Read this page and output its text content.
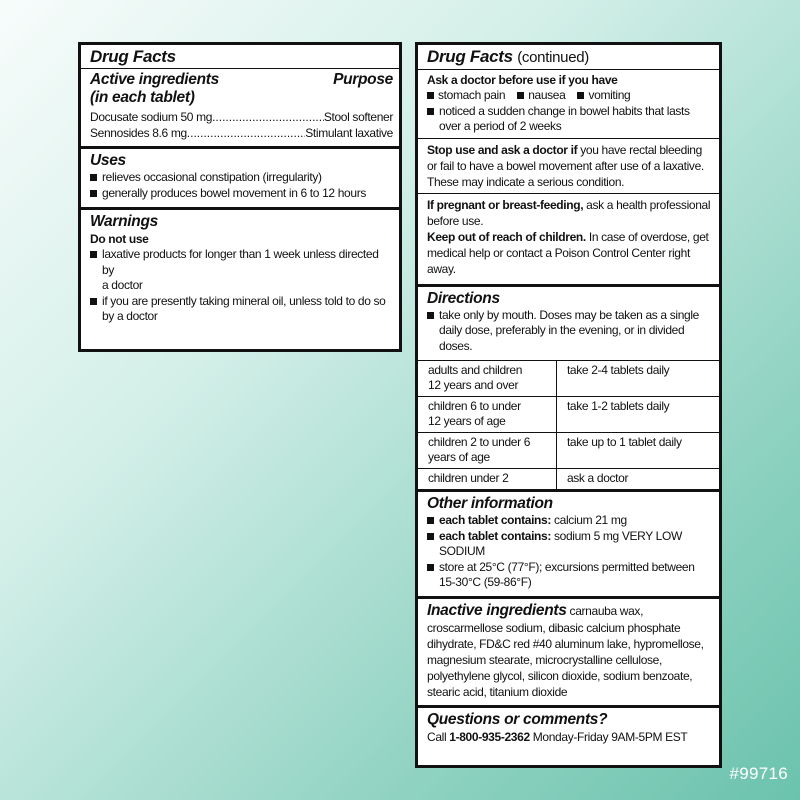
Drug Facts
Active ingredients	Purpose
(in each tablet)
Docusate sodium 50 mg .....	Stool softener
Sennosides 8.6 mg .....	Stimulant laxative
Uses
relieves occasional constipation (irregularity)
generally produces bowel movement in 6 to 12 hours
Warnings
Do not use
laxative products for longer than 1 week unless directed by
a doctor
if you are presently taking mineral oil, unless told to do so
by a doctor
Drug Facts (continued)
Ask a doctor before use if you have
stomach pain nausea vomiting
noticed a sudden change in bowel habits that lasts
over a period of 2 weeks
Stop use and ask a doctor if you have rectal bleeding
or fail to have a bowel movement after use of a laxative.
These may indicate a serious condition.
If pregnant or breast-feeding, ask a health professional
before use.
Keep out of reach of children. In case of overdose, get
medical help or contact a Poison Control Center right away.
Directions
take only by mouth. Doses may be taken as a single
daily dose, preferably in the evening, or in divided doses.
adults and children
12 years and over	take 2-4 tablets daily
children 6 to under
12 years of age	take 1-2 tablets daily
children 2 to under 6
years of age	take up to 1 tablet daily
children under 2	ask a doctor
Other information
each tablet contains: calcium 21 mg
each tablet contains: sodium 5 mg VERY LOW SODIUM
store at 25°C (77°F); excursions permitted between
15-30°C (59-86°F)
Inactive ingredients carnauba wax,
croscarmellose sodium, dibasic calcium phosphate
dihydrate, FD&C red #40 aluminum lake, hypromellose,
magnesium stearate, microcrystalline cellulose,
polyethylene glycol, silicon dioxide, sodium benzoate,
stearic acid, titanium dioxide
Questions or comments?
Call 1-800-935-2362 Monday-Friday 9AM-5PM EST
#99716
